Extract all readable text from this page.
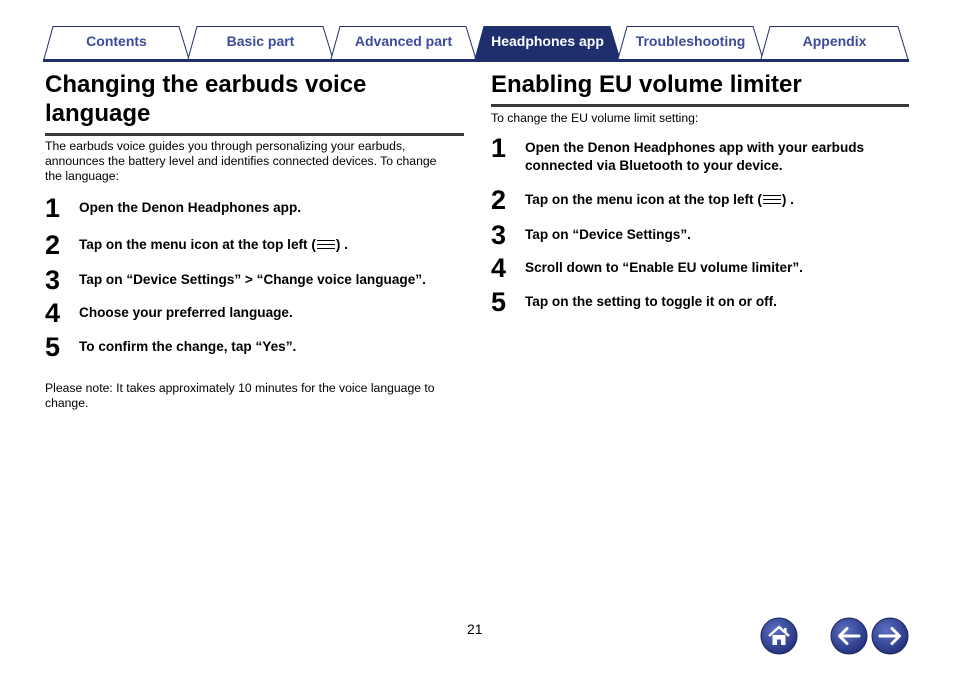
Contents	Basic part	Advanced part	Headphones app	Troubleshooting	Appendix
Changing the earbuds voice
language
The earbuds voice guides you through personalizing your earbuds,
announces the battery level and identifies connected devices. To change
the language:
1 Open the Denon Headphones app.
2 Tap on the menu icon at the top left ( ) .
3 Tap on “Device Settings” > “Change voice language”.
4 Choose your preferred language.
5 To confirm the change, tap “Yes”.
Please note: It takes approximately 10 minutes for the voice language to
change.
Enabling EU volume limiter
To change the EU volume limit setting:
1 Open the Denon Headphones app with your earbuds
connected via Bluetooth to your device.
2 Tap on the menu icon at the top left ( ) .
3 Tap on “Device Settings”.
4 Scroll down to “Enable EU volume limiter”.
5 Tap on the setting to toggle it on or off.
21
